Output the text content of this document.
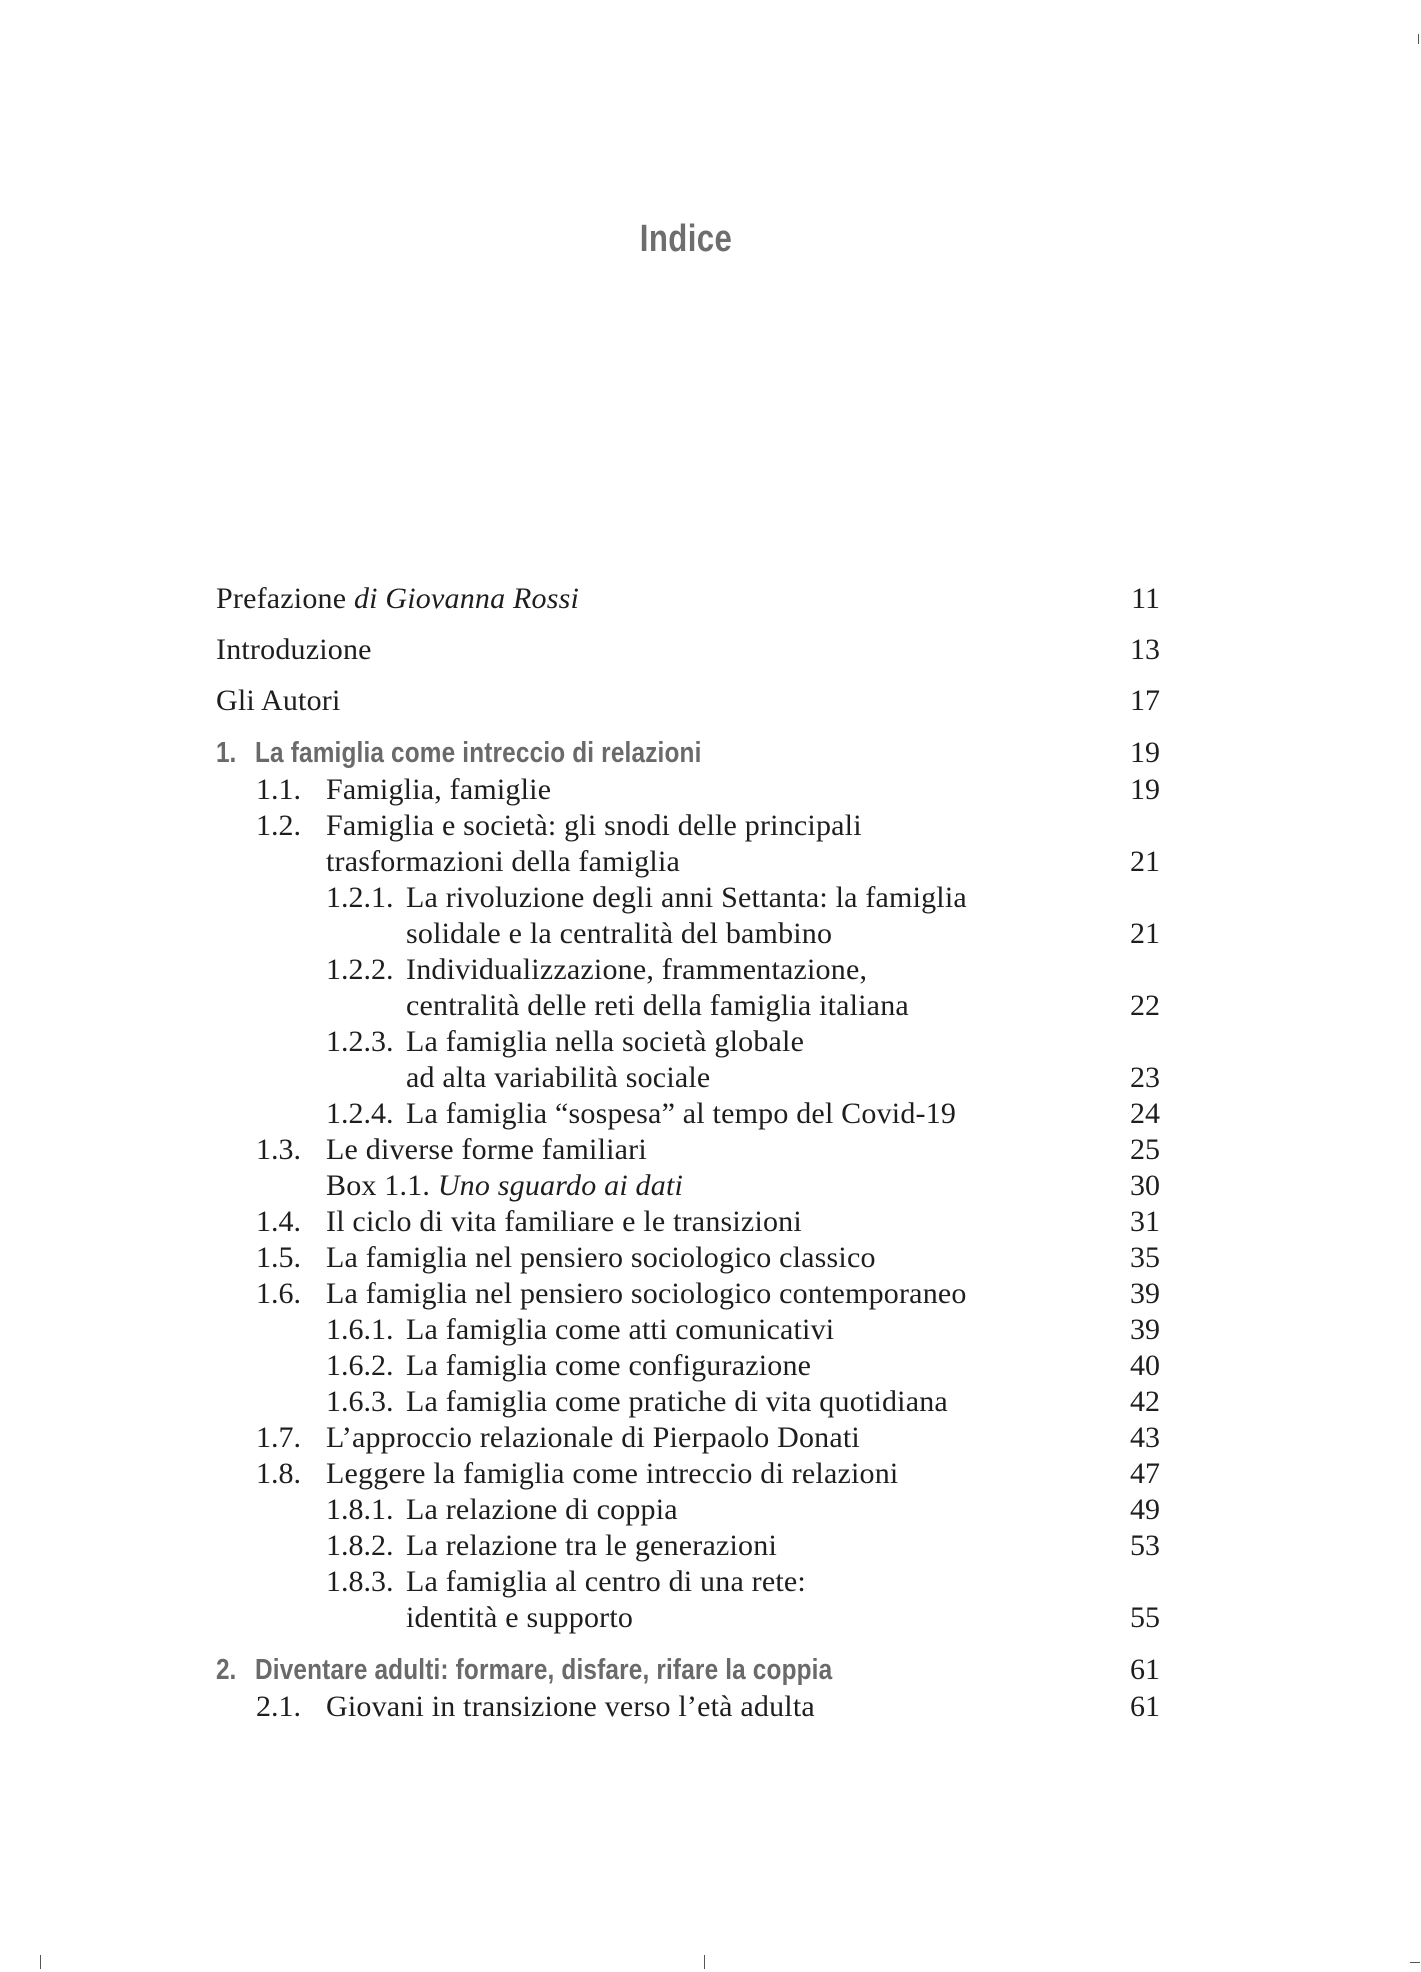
Indice
Prefazione di Giovanna Rossi	11
Introduzione	13
Gli Autori	17
1. La famiglia come intreccio di relazioni	19
1.1. Famiglia, famiglie	19
1.2. Famiglia e società: gli snodi delle principali
trasformazioni della famiglia	21
1.2.1. La rivoluzione degli anni Settanta: la famiglia
solidale e la centralità del bambino	21
1.2.2. Individualizzazione, frammentazione,
centralità delle reti della famiglia italiana	22
1.2.3. La famiglia nella società globale
ad alta variabilità sociale	23
1.2.4. La famiglia “sospesa” al tempo del Covid-19	24
1.3. Le diverse forme familiari	25
Box 1.1. Uno sguardo ai dati	30
1.4. Il ciclo di vita familiare e le transizioni	31
1.5. La famiglia nel pensiero sociologico classico	35
1.6. La famiglia nel pensiero sociologico contemporaneo	39
1.6.1. La famiglia come atti comunicativi	39
1.6.2. La famiglia come configurazione	40
1.6.3. La famiglia come pratiche di vita quotidiana	42
1.7. L’approccio relazionale di Pierpaolo Donati	43
1.8. Leggere la famiglia come intreccio di relazioni	47
1.8.1. La relazione di coppia	49
1.8.2. La relazione tra le generazioni	53
1.8.3. La famiglia al centro di una rete:
identità e supporto	55
2. Diventare adulti: formare, disfare, rifare la coppia	61
2.1. Giovani in transizione verso l’età adulta	61
